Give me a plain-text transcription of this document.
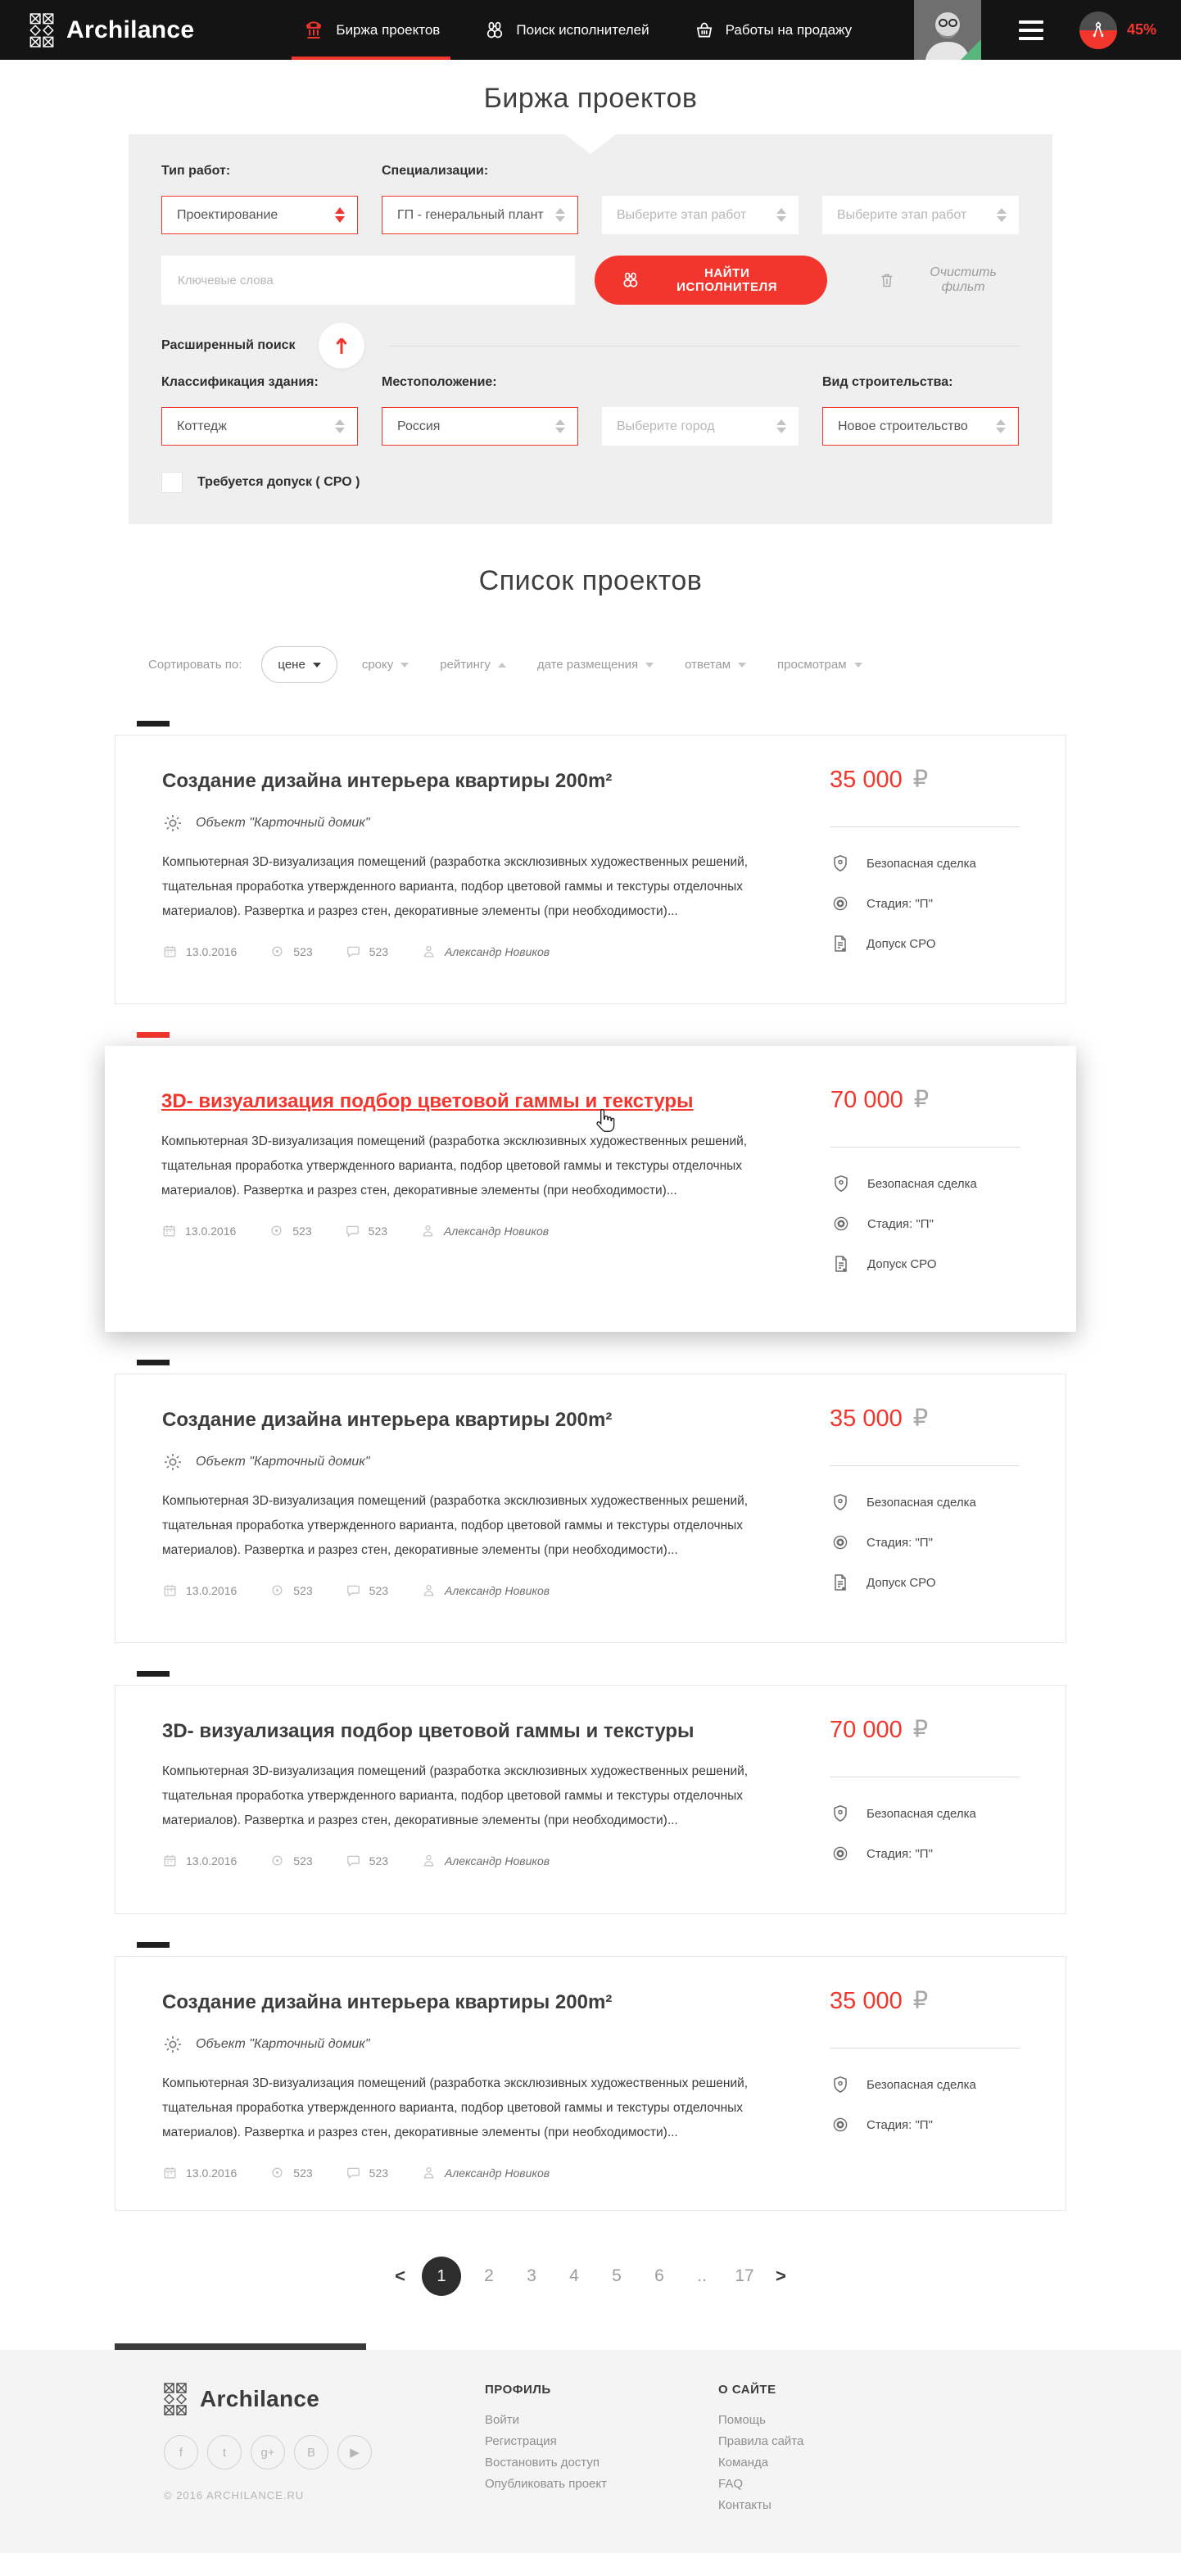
Archilance	Биржа проектов	Поиск исполнителей	Работы на продажу	45%
Биржа проектов
Тип работ:
Проектирование
Специализации:
ГП - генеральный плант	Выберите этап работ	Выберите этап работ
Ключевые слова
НАЙТИ ИСПОЛНИТЕЛЯ
Очистить фильт
Расширенный поиск
Классификация здания:
Коттедж
Местоположение:
Россия	Выберите город
Вид строительства:
Новое строительство
Требуется допуск ( СРО )
Список проектов
Сортировать по:	цене	сроку	рейтингу	дате размещения	ответам	просмотрам
Создание дизайна интерьера квартиры 200m²
Объект "Карточный домик"

Компьютерная 3D-визуализация помещений (разработка эксклюзивных художественных решений, тщательная проработка утвержденного варианта, подбор цветовой гаммы и текстуры отделочных материалов). Развертка и разрез стен, декоративные элементы (при необходимости)...

13.0.2016	523	523	Александр Новиков
35 000 ₽
Безопасная сделка
Стадия: "П"
Допуск СРО
3D- визуализация подбор цветовой гаммы и текстуры

Компьютерная 3D-визуализация помещений (разработка эксклюзивных художественных решений, тщательная проработка утвержденного варианта, подбор цветовой гаммы и текстуры отделочных материалов). Развертка и разрез стен, декоративные элементы (при необходимости)...

13.0.2016	523	523	Александр Новиков
70 000 ₽
Безопасная сделка
Стадия: "П"
Допуск СРО
Создание дизайна интерьера квартиры 200m²
Объект "Карточный домик"

Компьютерная 3D-визуализация помещений (разработка эксклюзивных художественных решений, тщательная проработка утвержденного варианта, подбор цветовой гаммы и текстуры отделочных материалов). Развертка и разрез стен, декоративные элементы (при необходимости)...

13.0.2016	523	523	Александр Новиков
35 000 ₽
Безопасная сделка
Стадия: "П"
Допуск СРО
3D- визуализация подбор цветовой гаммы и текстуры

Компьютерная 3D-визуализация помещений (разработка эксклюзивных художественных решений, тщательная проработка утвержденного варианта, подбор цветовой гаммы и текстуры отделочных материалов). Развертка и разрез стен, декоративные элементы (при необходимости)...

13.0.2016	523	523	Александр Новиков
70 000 ₽
Безопасная сделка
Стадия: "П"
Создание дизайна интерьера квартиры 200m²
Объект "Карточный домик"

Компьютерная 3D-визуализация помещений (разработка эксклюзивных художественных решений, тщательная проработка утвержденного варианта, подбор цветовой гаммы и текстуры отделочных материалов). Развертка и разрез стен, декоративные элементы (при необходимости)...

13.0.2016	523	523	Александр Новиков
35 000 ₽
Безопасная сделка
Стадия: "П"
<	1	2	3	4	5	6	..	17	>
Archilance
f	t	g+	B	▶
© 2016 ARCHILANCE.RU
ПРОФИЛЬ
Войти
Регистрация
Востановить доступ
Опубликовать проект
О САЙТЕ
Помощь
Правила сайта
Команда
FAQ
Контакты
